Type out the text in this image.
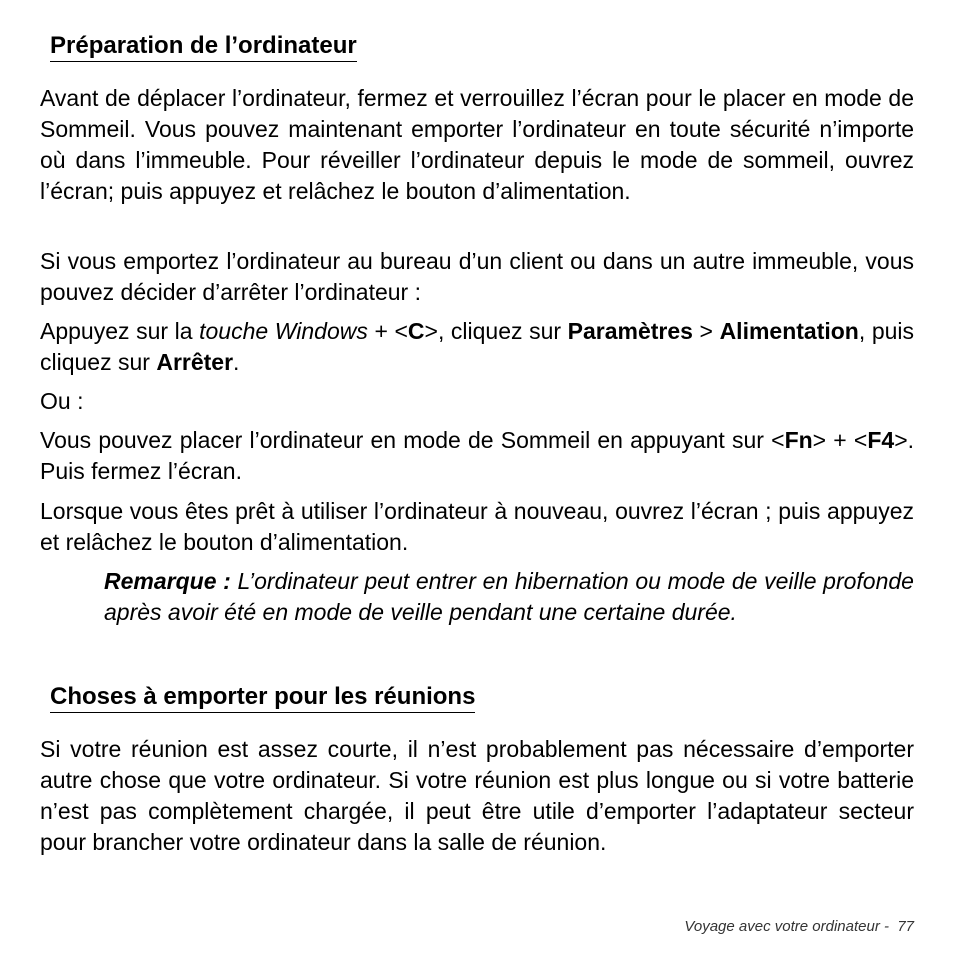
Préparation de l’ordinateur

Avant de déplacer l’ordinateur, fermez et verrouillez l’écran pour le placer en mode de Sommeil. Vous pouvez maintenant emporter l’ordinateur en toute sécurité n’importe où dans l’immeuble. Pour réveiller l’ordinateur depuis le mode de sommeil, ouvrez l’écran; puis appuyez et relâchez le bouton d’alimentation.

Si vous emportez l’ordinateur au bureau d’un client ou dans un autre immeuble, vous pouvez décider d’arrêter l’ordinateur :

Appuyez sur la touche Windows + <C>, cliquez sur Paramètres > Alimentation, puis cliquez sur Arrêter.

Ou :

Vous pouvez placer l’ordinateur en mode de Sommeil en appuyant sur <Fn> + <F4>. Puis fermez l’écran.

Lorsque vous êtes prêt à utiliser l’ordinateur à nouveau, ouvrez l’écran ; puis appuyez et relâchez le bouton d’alimentation.

Remarque : L’ordinateur peut entrer en hibernation ou mode de veille profonde après avoir été en mode de veille pendant une certaine durée.

Choses à emporter pour les réunions

Si votre réunion est assez courte, il n’est probablement pas nécessaire d’emporter autre chose que votre ordinateur. Si votre réunion est plus longue ou si votre batterie n’est pas complètement chargée, il peut être utile d’emporter l’adaptateur secteur pour brancher votre ordinateur dans la salle de réunion.

Voyage avec votre ordinateur -  77
